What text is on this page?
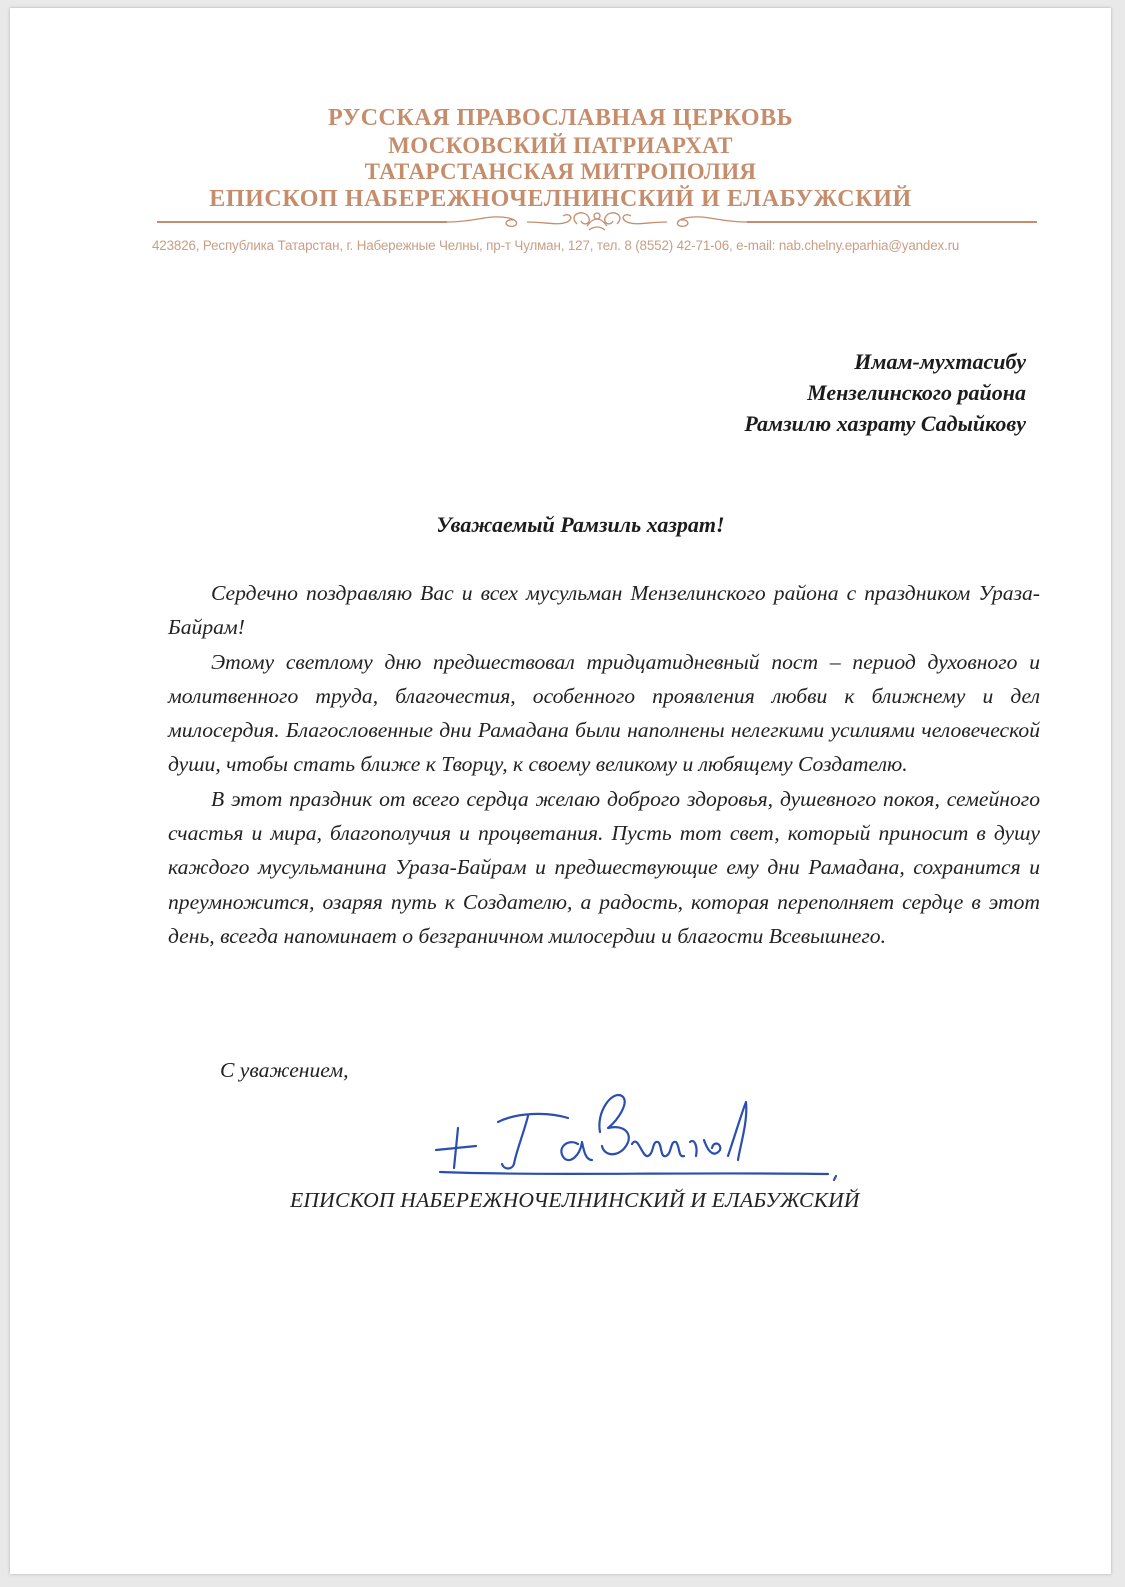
РУССКАЯ ПРАВОСЛАВНАЯ ЦЕРКОВЬ
МОСКОВСКИЙ ПАТРИАРХАТ
ТАТАРСТАНСКАЯ МИТРОПОЛИЯ
ЕПИСКОП НАБЕРЕЖНОЧЕЛНИНСКИЙ И ЕЛАБУЖСКИЙ
423826, Республика Татарстан, г. Набережные Челны, пр-т Чулман, 127, тел. 8 (8552) 42-71-06, e-mail: nab.chelny.eparhia@yandex.ru
Имам-мухтасибу
Мензелинского района
Рамзилю хазрату Садыйкову
Уважаемый Рамзиль хазрат!

Сердечно поздравляю Вас и всех мусульман Мензелинского района с праздником Ураза-Байрам!

Этому светлому дню предшествовал тридцатидневный пост – период духовного и молитвенного труда, благочестия, особенного проявления любви к ближнему и дел милосердия. Благословенные дни Рамадана были наполнены нелегкими усилиями человеческой души, чтобы стать ближе к Творцу, к своему великому и любящему Создателю.

В этот праздник от всего сердца желаю доброго здоровья, душевного покоя, семейного счастья и мира, благополучия и процветания. Пусть тот свет, который приносит в душу каждого мусульманина Ураза-Байрам и предшествующие ему дни Рамадана, сохранится и преумножится, озаряя путь к Создателю, а радость, которая переполняет сердце в этот день, всегда напоминает о безграничном милосердии и благости Всевышнего.

С уважением,
ЕПИСКОП НАБЕРЕЖНОЧЕЛНИНСКИЙ И ЕЛАБУЖСКИЙ
